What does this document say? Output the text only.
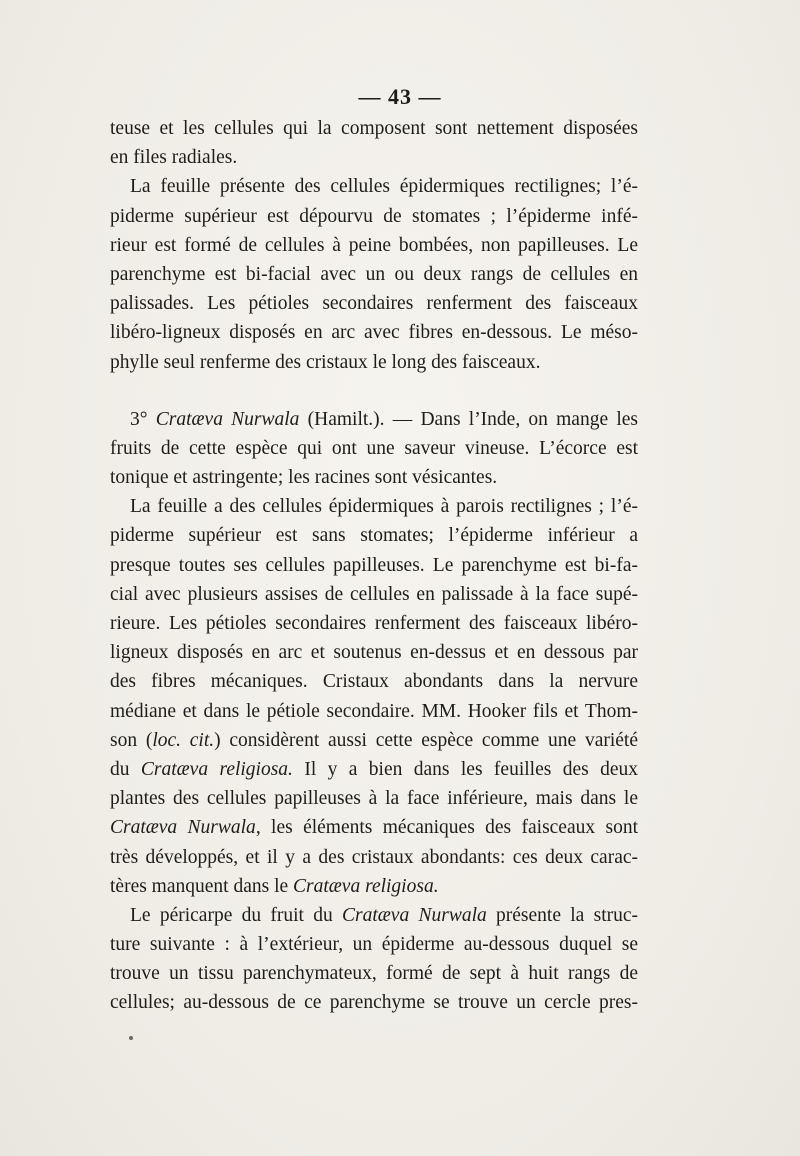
— 43 —
teuse et les cellules qui la composent sont nettement disposées
en files radiales.
La feuille présente des cellules épidermiques rectilignes; l’é-
piderme supérieur est dépourvu de stomates ; l’épiderme infé-
rieur est formé de cellules à peine bombées, non papilleuses. Le
parenchyme est bi-facial avec un ou deux rangs de cellules en
palissades. Les pétioles secondaires renferment des faisceaux
libéro-ligneux disposés en arc avec fibres en-dessous. Le méso-
phylle seul renferme des cristaux le long des faisceaux.
3° Cratæva Nurwala (Hamilt.). — Dans l’Inde, on mange les
fruits de cette espèce qui ont une saveur vineuse. L’écorce est
tonique et astringente; les racines sont vésicantes.
La feuille a des cellules épidermiques à parois rectilignes ; l’é-
piderme supérieur est sans stomates; l’épiderme inférieur a
presque toutes ses cellules papilleuses. Le parenchyme est bi-fa-
cial avec plusieurs assises de cellules en palissade à la face supé-
rieure. Les pétioles secondaires renferment des faisceaux libéro-
ligneux disposés en arc et soutenus en-dessus et en dessous par
des fibres mécaniques. Cristaux abondants dans la nervure
médiane et dans le pétiole secondaire. MM. Hooker fils et Thom-
son (loc. cit.) considèrent aussi cette espèce comme une variété
du Cratæva religiosa. Il y a bien dans les feuilles des deux
plantes des cellules papilleuses à la face inférieure, mais dans le
Cratæva Nurwala, les éléments mécaniques des faisceaux sont
très développés, et il y a des cristaux abondants: ces deux carac-
tères manquent dans le Cratæva religiosa.
Le péricarpe du fruit du Cratæva Nurwala présente la struc-
ture suivante : à l’extérieur, un épiderme au-dessous duquel se
trouve un tissu parenchymateux, formé de sept à huit rangs de
cellules; au-dessous de ce parenchyme se trouve un cercle pres-
